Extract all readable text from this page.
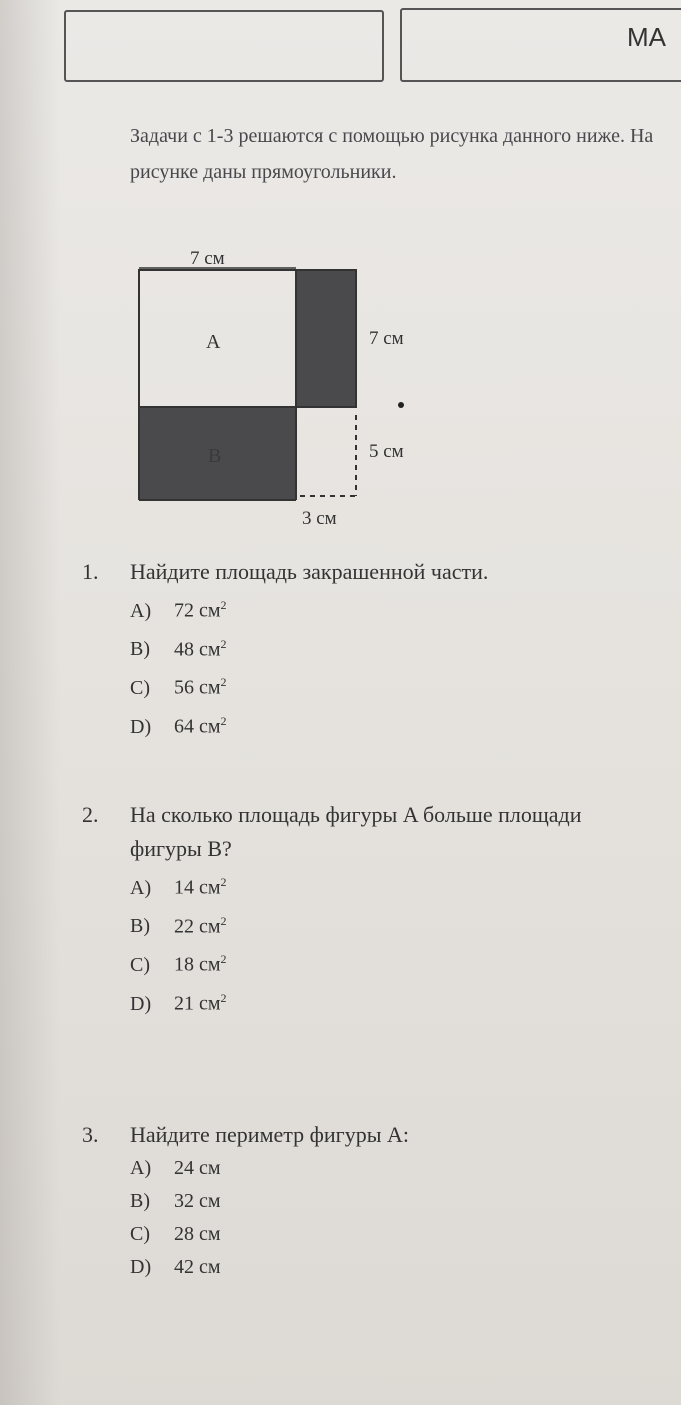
МА
Задачи с 1-3 решаются с помощью рисунка данного ниже. На рисунке даны прямоугольники.
7 см
7 см
5 см
3 см
A
B
1.	Найдите площадь закрашенной части.
A) 72 $см^2$
B) 48 $см^2$
C) 56 $см^2$
D) 64 $см^2$
2.	На сколько площадь фигуры A больше площади фигуры B?
A) 14 $см^2$
B) 22 $см^2$
C) 18 $см^2$
D) 21 $см^2$
3.	Найдите периметр фигуры A:
A) 24 см
B) 32 см
C) 28 см
D) 42 см
